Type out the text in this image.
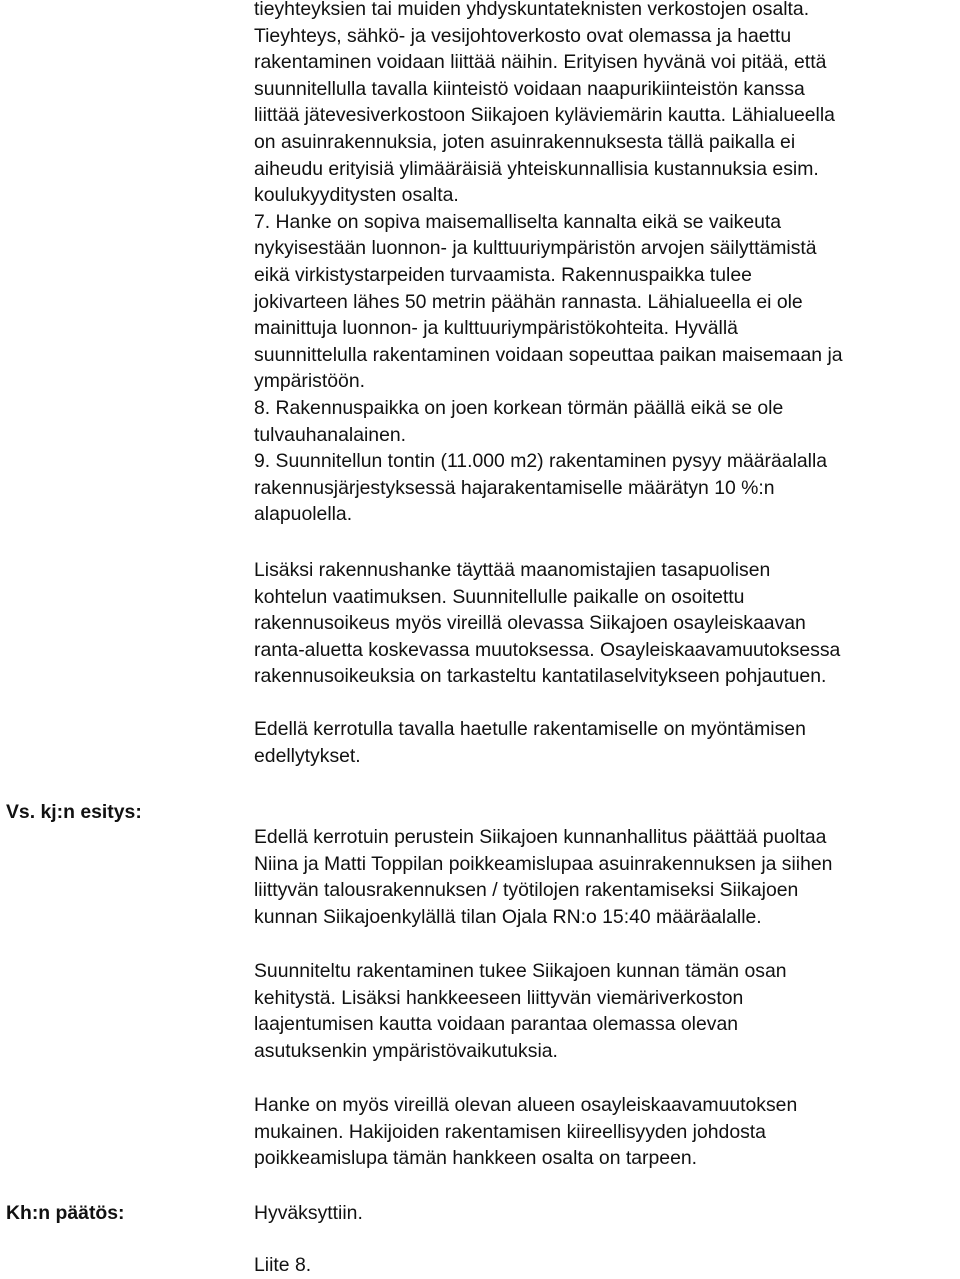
tieyhteyksien tai muiden yhdyskuntateknisten verkostojen osalta.
Tieyhteys, sähkö- ja vesijohtoverkosto ovat olemassa ja haettu
rakentaminen voidaan liittää näihin. Erityisen hyvänä voi pitää, että
suunnitellulla tavalla kiinteistö voidaan naapurikiinteistön kanssa
liittää jätevesiverkostoon Siikajoen kyläviemärin kautta. Lähialueella
on asuinrakennuksia, joten asuinrakennuksesta tällä paikalla ei
aiheudu erityisiä ylimääräisiä yhteiskunnallisia kustannuksia esim.
koulukyyditysten osalta.
7. Hanke on sopiva maisemalliselta kannalta eikä se vaikeuta
nykyisestään luonnon- ja kulttuuriympäristön arvojen säilyttämistä
eikä virkistystarpeiden turvaamista. Rakennuspaikka tulee
jokivarteen lähes 50 metrin päähän rannasta. Lähialueella ei ole
mainittuja luonnon- ja kulttuuriympäristökohteita. Hyvällä
suunnittelulla rakentaminen voidaan sopeuttaa paikan maisemaan ja
ympäristöön.
8. Rakennuspaikka on joen korkean törmän päällä eikä se ole
tulvauhanalainen.
9. Suunnitellun tontin (11.000 m2) rakentaminen pysyy määräalalla
rakennusjärjestyksessä hajarakentamiselle määrätyn 10 %:n
alapuolella.
Lisäksi rakennushanke täyttää maanomistajien tasapuolisen
kohtelun vaatimuksen. Suunnitellulle paikalle on osoitettu
rakennusoikeus myös vireillä olevassa Siikajoen osayleiskaavan
ranta-aluetta koskevassa muutoksessa. Osayleiskaavamuutoksessa
rakennusoikeuksia on tarkasteltu kantatilaselvitykseen pohjautuen.
Edellä kerrotulla tavalla haetulle rakentamiselle on myöntämisen
edellytykset.
Vs. kj:n esitys:
Edellä kerrotuin perustein Siikajoen kunnanhallitus päättää puoltaa
Niina ja Matti Toppilan poikkeamislupaa asuinrakennuksen ja siihen
liittyvän talousrakennuksen / työtilojen rakentamiseksi Siikajoen
kunnan Siikajoenkylällä tilan Ojala RN:o 15:40 määräalalle.
Suunniteltu rakentaminen tukee Siikajoen kunnan tämän osan
kehitystä. Lisäksi hankkeeseen liittyvän viemäriverkoston
laajentumisen kautta voidaan parantaa olemassa olevan
asutuksenkin ympäristövaikutuksia.
Hanke on myös vireillä olevan alueen osayleiskaavamuutoksen
mukainen. Hakijoiden rakentamisen kiireellisyyden johdosta
poikkeamislupa tämän hankkeen osalta on tarpeen.
Kh:n päätös:	Hyväksyttiin.
Liite 8.
